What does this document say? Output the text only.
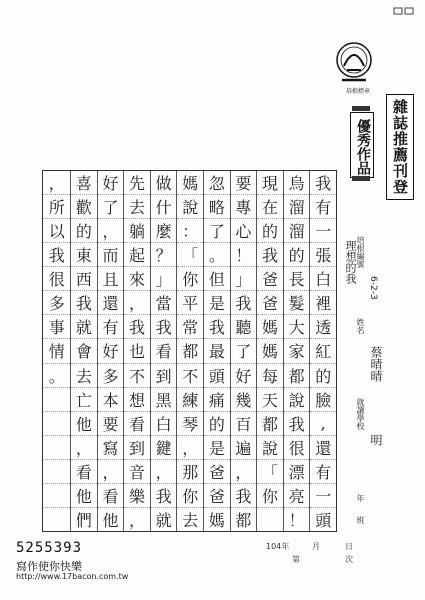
培根標章
雜誌推薦刊登
優秀作品
理想的我 培根編號
6-2-3
姓名
蔡晴晴
就讀學校
明
年
班
我
有
一
張
白
裡
透
紅
的
臉
,
還
有
一
頭
烏
溜
溜
的
長
髮
大
家
都
說
我
很
漂
亮
！
現
在
的
我
爸
爸
媽
媽
每
天
都
說
「
你
要
專
心
！
」
我
聽
了
好
幾
百
遍
，
我
都
忽
略
了
。
但
是
我
最
頭
痛
的
是
爸
爸
媽
媽
說
：
「
你
平
常
都
不
練
琴
，
那
你
去
做
什
麼
？
」
當
我
看
到
黑
白
鍵
，
我
就
先
去
躺
起
來
，
我
也
不
想
看
到
音
樂
，
好
了
，
而
且
還
有
好
多
本
要
寫
，
看
他
喜
歡
的
東
西
我
就
會
去
亡
他
，
看
他
們
，
所
以
我
很
多
事
情
。
5255393
寫作使你快樂
http://www.17bacon.com.tw
104年	月	日
第	次
